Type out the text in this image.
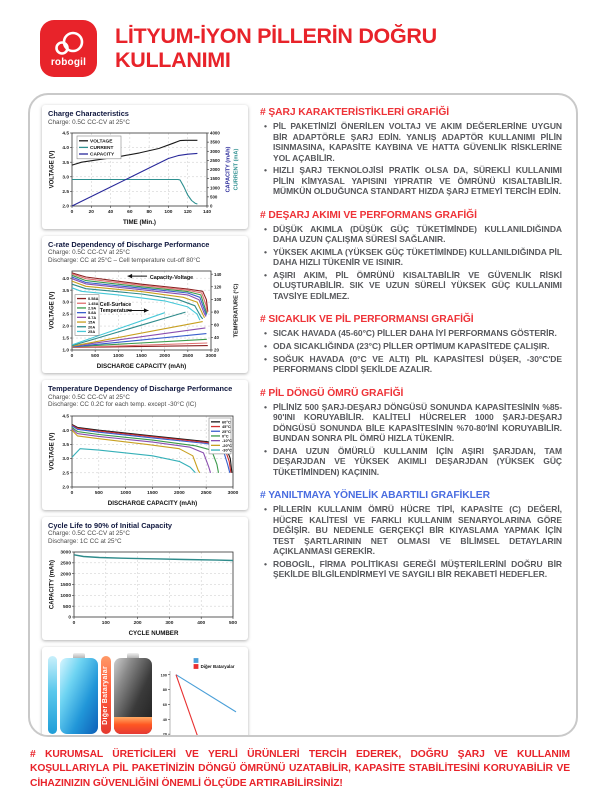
robogil
LİTYUM-İYON PİLLERİN DOĞRU KULLANIMI
Charge Characteristics
Charge: 0.5C CC-CV at 25°C
0	20	40	60	80	100 120 140
2.0
2.5
3.0
3.5
4.0
4.5
0
500
1000
1500
2000
2500
3000
3500
4000
TIME (Min.)
VOLTAGE (V)	CAPACITY (mAh) CURRENT (mA)
VOLTAGE
CURRENT
CAPACITY
C-rate Dependency of Discharge Performance
Charge: 0.5C CC-CV at 25°C
Discharge: CC at 25°C – Cell temperature cut-off 80°C
0	500	1000	1500	2000	2500	3000
1.0
1.5
2.0
2.5
3.0
3.5
4.0
20
40
60
80
100
120
140
DISCHARGE CAPACITY (mAh)
VOLTAGE (V)	TEMPERATURE (°C)
0.58A
1.45A
2.9A
5.8A
8.7A
15A
20A
25A
Capacity-Voltage
Cell-Surface
Temperature
Temperature Dependency of Discharge Performance
Charge: 0.5C CC-CV at 25°C
Discharge: CC 0.2C for each temp. except -30°C (IC)
0	500	1000	1500	2000	2500	3000
2.0
2.5
3.0
3.5
4.0
4.5
DISCHARGE CAPACITY (mAh)
VOLTAGE (V)
60°C
45°C
25°C
0°C
-10°C
-20°C
-30°C
Cycle Life to 90% of Initial Capacity
Charge: 0.5C CC-CV at 25°C
Discharge: 1C CC at 25°C
0	100	200	300	400	500
0
500
1000
1500
2000
2500
3000
CYCLE NUMBER
CAPACITY (mAh)
Diğer Bataryalar
20
40
60
80
100
Diğer Bataryalar
# ŞARJ KARAKTERİSTİKLERİ GRAFİĞİ
• PİL PAKETİNİZİ ÖNERİLEN VOLTAJ VE AKIM DEĞERLERİNE UYGUN BİR ADAPTÖRLE ŞARJ EDİN. YANLIŞ ADAPTÖR KULLANIMI PİLİN ISINMASINA, KAPASİTE KAYBINA VE HATTA GÜVENLİK RİSKLERİNE YOL AÇABİLİR.
• HIZLI ŞARJ TEKNOLOJİSİ PRATİK OLSA DA, SÜREKLİ KULLANIMI PİLİN KİMYASAL YAPISINI YIPRATIR VE ÖMRÜNÜ KISALTABİLİR. MÜMKÜN OLDUĞUNCA STANDART HIZDA ŞARJ ETMEYİ TERCİH EDİN.
# DEŞARJ AKIMI VE PERFORMANS GRAFİĞİ
• DÜŞÜK AKIMLA (DÜŞÜK GÜÇ TÜKETİMİNDE) KULLANILDIĞINDA DAHA UZUN ÇALIŞMA SÜRESİ SAĞLANIR.
• YÜKSEK AKIMLA (YÜKSEK GÜÇ TÜKETİMİNDE) KULLANILDIĞINDA PİL DAHA HIZLI TÜKENİR VE ISINIR.
• AŞIRI AKIM, PİL ÖMRÜNÜ KISALTABİLİR VE GÜVENLİK RİSKİ OLUŞTURABİLİR. SIK VE UZUN SÜRELİ YÜKSEK GÜÇ KULLANIMI TAVSİYE EDİLMEZ.
# SICAKLIK VE PİL PERFORMANSI GRAFİĞİ
• SICAK HAVADA (45-60°C) PİLLER DAHA İYİ PERFORMANS GÖSTERİR.
• ODA SICAKLIĞINDA (23°C) PİLLER OPTİMUM KAPASİTEDE ÇALIŞIR.
• SOĞUK HAVADA (0°C VE ALTI) PİL KAPASİTESİ DÜŞER, -30°C'DE PERFORMANS CİDDİ ŞEKİLDE AZALIR.
# PİL DÖNGÜ ÖMRÜ GRAFİĞİ
• PİLİNİZ 500 ŞARJ-DEŞARJ DÖNGÜSÜ SONUNDA KAPASİTESİNİN %85-90'INI KORUYABİLİR. KALİTELİ HÜCRELER 1000 ŞARJ-DEŞARJ DÖNGÜSÜ SONUNDA BİLE KAPASİTESİNİN %70-80'İNİ KORUYABİLİR. BUNDAN SONRA PİL ÖMRÜ HIZLA TÜKENİR.
• DAHA UZUN ÖMÜRLÜ KULLANIM İÇİN AŞIRI ŞARJDAN, TAM DEŞARJDAN VE YÜKSEK AKIMLI DEŞARJDAN (YÜKSEK GÜÇ TÜKETİMİNDEN) KAÇININ.
# YANILTMAYA YÖNELİK ABARTILI GRAFİKLER
• PİLLERİN KULLANIM ÖMRÜ HÜCRE TİPİ, KAPASİTE (C) DEĞERİ, HÜCRE KALİTESİ VE FARKLI KULLANIM SENARYOLARINA GÖRE DEĞİŞİR. BU NEDENLE GERÇEKÇİ BİR KIYASLAMA YAPMAK İÇİN TEST ŞARTLARININ NET OLMASI VE BİLİMSEL DETAYLARIN AÇIKLANMASI GEREKİR.
• ROBOGİL, FİRMA POLİTİKASI GEREĞİ MÜŞTERİLERİNİ DOĞRU BİR ŞEKİLDE BİLGİLENDİRMEYİ VE SAYGILI BİR REKABETİ HEDEFLER.
# KURUMSAL ÜRETİCİLERİ VE YERLİ ÜRÜNLERİ TERCİH EDEREK, DOĞRU ŞARJ VE KULLANIM KOŞULLARIYLA PİL PAKETİNİZİN DÖNGÜ ÖMRÜNÜ UZATABİLİR, KAPASİTE STABİLİTESİNİ KORUYABİLİR VE CİHAZINIZIN GÜVENLİĞİNİ ÖNEMLİ ÖLÇÜDE ARTIRABİLİRSİNİZ!
